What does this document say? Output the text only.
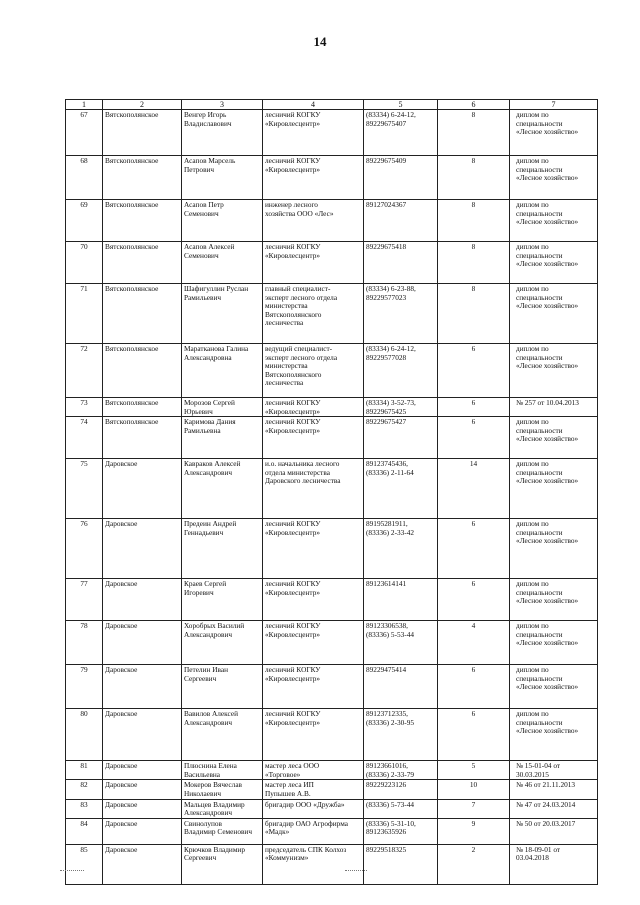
14
1	2	3	4	5	6	7
67	Вятскополянское	Венгер Игорь
Владиславович	лесничий КОГКУ
«Кировлесцентр»	(83334) 6-24-12,
89229675407	8	диплом по
специальности
«Лесное хозяйство»
68	Вятскополянское	Асапов Марсель
Петрович	лесничий КОГКУ
«Кировлесцентр»	89229675409	8	диплом по
специальности
«Лесное хозяйство»
69	Вятскополянское	Асапов Петр
Семенович	инженер лесного
хозяйства ООО «Лес»	89127024367	8	диплом по
специальности
«Лесное хозяйство»
70	Вятскополянское	Асапов Алексей
Семенович	лесничий КОГКУ
«Кировлесцентр»	89229675418	8	диплом по
специальности
«Лесное хозяйство»
71	Вятскополянское	Шафигуллин Руслан
Рамильевич	главный специалист-
эксперт лесного отдела
министерства
Вятскополянского
лесничества	(83334) 6-23-88,
89229577023	8	диплом по
специальности
«Лесное хозяйство»
72	Вятскополянское	Маратканова Галина
Александровна	ведущий специалист-
эксперт лесного отдела
министерства
Вятскополянского
лесничества	(83334) 6-24-12,
89229577028	6	диплом по
специальности
«Лесное хозяйство»
73	Вятскополянское	Морозов Сергей
Юрьевич	лесничий КОГКУ
«Кировлесцентр»	(83334) 3-52-73,
89229675425	6	№ 257 от 10.04.2013
74	Вятскополянское	Каримова Дания
Рамильевна	лесничий КОГКУ
«Кировлесцентр»	89229675427	6	диплом по
специальности
«Лесное хозяйство»
75	Даровское	Кавраков Алексей
Александрович	и.о. начальника лесного
отдела министерства
Даровского лесничества	89123745436,
(83336) 2-11-64	14	диплом по
специальности
«Лесное хозяйство»
76	Даровское	Предеин Андрей
Геннадьевич	лесничий КОГКУ
«Кировлесцентр»	89195281911,
(83336) 2-33-42	6	диплом по
специальности
«Лесное хозяйство»
77	Даровское	Краев Сергей
Игоревич	лесничий КОГКУ
«Кировлесцентр»	89123614141	6	диплом по
специальности
«Лесное хозяйство»
78	Даровское	Хоробрых Василий
Александрович	лесничий КОГКУ
«Кировлесцентр»	89123306538,
(83336) 5-53-44	4	диплом по
специальности
«Лесное хозяйство»
79	Даровское	Петелин Иван
Сергеевич	лесничий КОГКУ
«Кировлесцентр»	89229475414	6	диплом по
специальности
«Лесное хозяйство»
80	Даровское	Вавилов Алексей
Александрович	лесничий КОГКУ
«Кировлесцентр»	89123712335,
(83336) 2-30-95	6	диплом по
специальности
«Лесное хозяйство»
81	Даровское	Плюснина Елена
Васильевна	мастер леса ООО
«Торговое»	89123661016,
(83336) 2-33-79	5	№ 15-01-04 от
30.03.2015
82	Даровское	Мокеров Вячеслав
Николаевич	мастер леса ИП
Пупышев А.В.	89229223126	10	№ 46 от 21.11.2013
83	Даровское	Мальцев Владимир
Александрович	бригадир ООО «Дружба»	(83336) 5-73-44	7	№ 47 от 24.03.2014
84	Даровское	Свинолупов
Владимир Семенович	бригадир ОАО Агрофирма
«Мадк»	(83336) 5-31-10,
89123635926	9	№ 50 от 20.03.2017
85	Даровское	Крючков Владимир
Сергеевич	председатель СПК Колхоз
«Коммунизм»	89229518325	2	№ 18-09-01 от
03.04.2018
